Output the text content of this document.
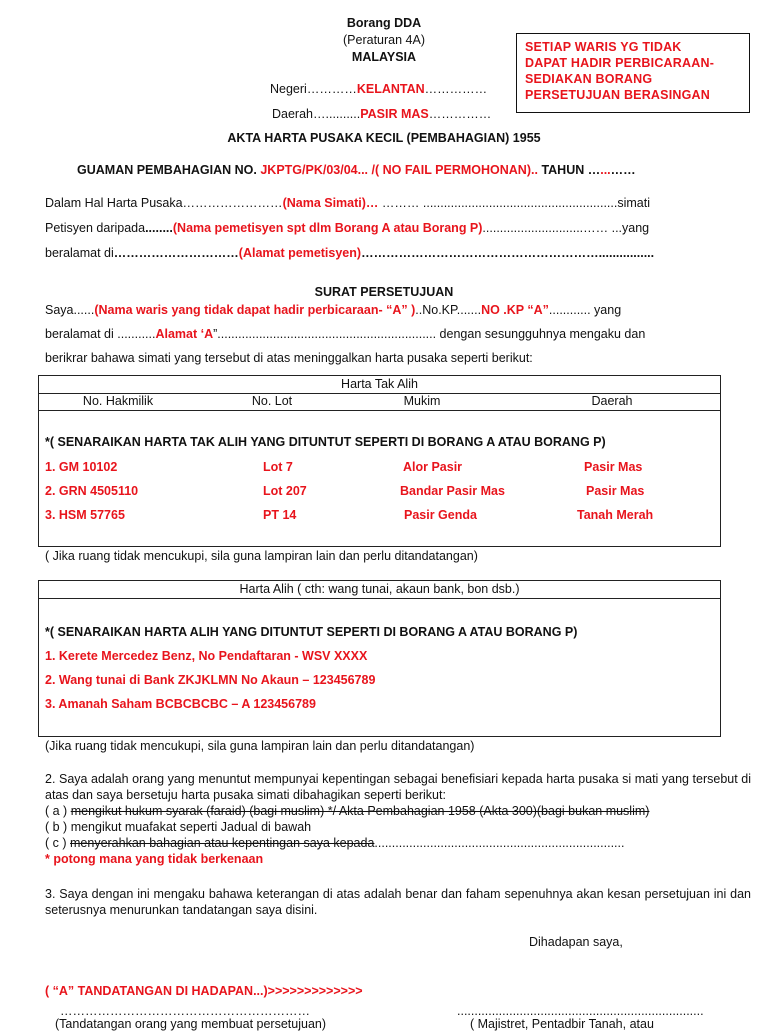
Borang DDA
(Peraturan 4A)
MALAYSIA
SETIAP WARIS YG TIDAK
DAPAT HADIR PERBICARAAN-
SEDIAKAN BORANG
PERSETUJUAN BERASINGAN
Negeri…………KELANTAN……………
Daerah…..........PASIR MAS……………
AKTA HARTA PUSAKA KECIL (PEMBAHAGIAN) 1955
GUAMAN PEMBAHAGIAN NO. JKPTG/PK/03/04... /( NO FAIL PERMOHONAN).. TAHUN …...……
Dalam Hal Harta Pusaka……………………(Nama Simati)… ……… ........................................................simati
Petisyen daripada........(Nama pemetisyen spt dlm Borang A atau Borang P).............................…… ...yang
beralamat di…………………………(Alamat pemetisyen)…………………………………………………................
SURAT PERSETUJUAN
Saya......(Nama waris yang tidak dapat hadir perbicaraan- “A” )..No.KP.......NO .KP “A”............ yang
beralamat di ...........Alamat ‘A”............................................................... dengan sesungguhnya mengaku dan
berikrar bahawa simati yang tersebut di atas meninggalkan harta pusaka seperti berikut:
Harta Tak Alih
No. Hakmilik	No. Lot	Mukim	Daerah
*( SENARAIKAN HARTA TAK ALIH YANG DITUNTUT SEPERTI DI BORANG A ATAU BORANG P)
1. GM 10102	Lot 7	Alor Pasir	Pasir Mas
2. GRN 4505110	Lot 207	Bandar Pasir Mas	Pasir Mas
3. HSM 57765	PT 14	Pasir Genda	Tanah Merah
( Jika ruang tidak mencukupi, sila guna lampiran lain dan perlu ditandatangan)
Harta Alih ( cth: wang tunai, akaun bank, bon dsb.)
*( SENARAIKAN HARTA ALIH YANG DITUNTUT SEPERTI DI BORANG A ATAU BORANG P)
1. Kerete Mercedez Benz, No Pendaftaran - WSV XXXX
2. Wang tunai di Bank ZKJKLMN No Akaun – 123456789
3. Amanah Saham BCBCBCBC – A 123456789
(Jika ruang tidak mencukupi, sila guna lampiran lain dan perlu ditandatangan)
2. Saya adalah orang yang menuntut mempunyai kepentingan sebagai benefisiari kepada harta pusaka si mati yang tersebut di atas dan saya bersetuju harta pusaka simati dibahagikan seperti berikut:
( a ) mengikut hukum syarak (faraid) (bagi muslim) */ Akta Pembahagian 1958 (Akta 300)(bagi bukan muslim)
( b ) mengikut muafakat seperti Jadual di bawah
( c ) menyerahkan bahagian atau kepentingan saya kepada........................................................................
* potong mana yang tidak berkenaan
3. Saya dengan ini mengaku bahawa keterangan di atas adalah benar dan faham sepenuhnya akan kesan persetujuan ini dan seterusnya menurunkan tandatangan saya disini.
Dihadapan saya,
( “A” TANDATANGAN DI HADAPAN...)>>>>>>>>>>>>>
……………………………………………………	.......................................................................
(Tandatangan orang yang membuat persetujuan)	( Majistret, Pentadbir Tanah, atau
